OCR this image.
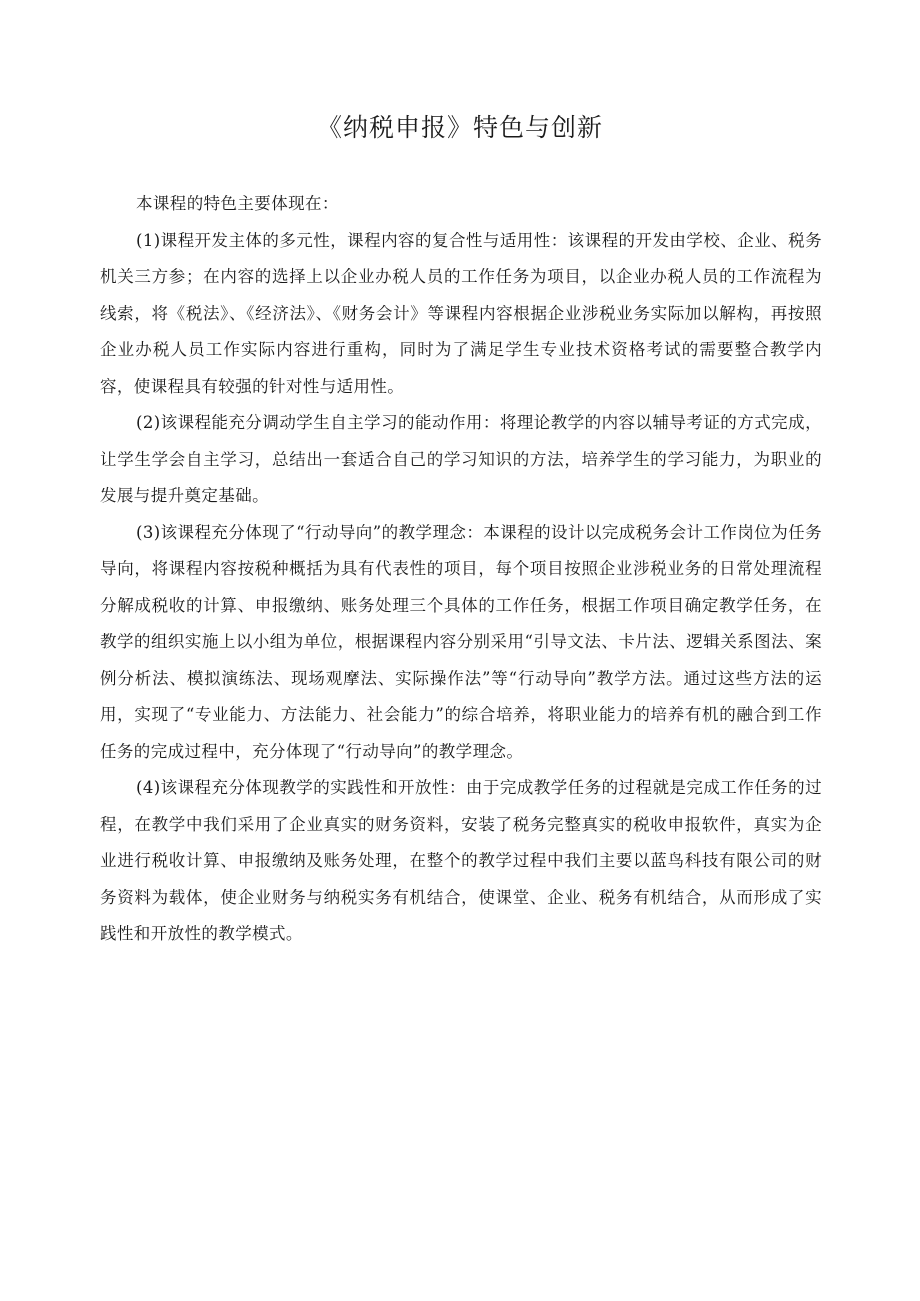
《纳税申报》特色与创新

本课程的特色主要体现在：

(1)课程开发主体的多元性，课程内容的复合性与适用性：该课程的开发由学校、企业、税务机关三方参；在内容的选择上以企业办税人员的工作任务为项目，以企业办税人员的工作流程为线索，将《税法》、《经济法》、《财务会计》等课程内容根据企业涉税业务实际加以解构，再按照企业办税人员工作实际内容进行重构，同时为了满足学生专业技术资格考试的需要整合教学内容，使课程具有较强的针对性与适用性。

(2)该课程能充分调动学生自主学习的能动作用：将理论教学的内容以辅导考证的方式完成，让学生学会自主学习，总结出一套适合自己的学习知识的方法，培养学生的学习能力，为职业的发展与提升奠定基础。

(3)该课程充分体现了“行动导向”的教学理念：本课程的设计以完成税务会计工作岗位为任务导向，将课程内容按税种概括为具有代表性的项目，每个项目按照企业涉税业务的日常处理流程分解成税收的计算、申报缴纳、账务处理三个具体的工作任务，根据工作项目确定教学任务，在教学的组织实施上以小组为单位，根据课程内容分别采用“引导文法、卡片法、逻辑关系图法、案例分析法、模拟演练法、现场观摩法、实际操作法”等“行动导向”教学方法。通过这些方法的运用，实现了“专业能力、方法能力、社会能力”的综合培养，将职业能力的培养有机的融合到工作任务的完成过程中，充分体现了“行动导向”的教学理念。

(4)该课程充分体现教学的实践性和开放性：由于完成教学任务的过程就是完成工作任务的过程，在教学中我们采用了企业真实的财务资料，安装了税务完整真实的税收申报软件，真实为企业进行税收计算、申报缴纳及账务处理，在整个的教学过程中我们主要以蓝鸟科技有限公司的财务资料为载体，使企业财务与纳税实务有机结合，使课堂、企业、税务有机结合，从而形成了实践性和开放性的教学模式。
